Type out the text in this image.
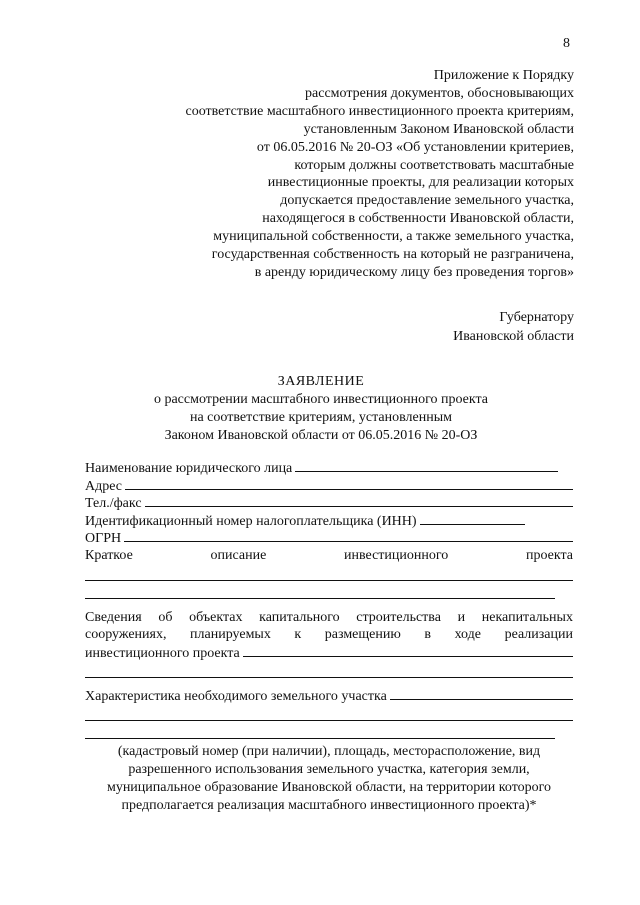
8
Приложение к Порядку
рассмотрения документов, обосновывающих
соответствие масштабного инвестиционного проекта критериям,
установленным Законом Ивановской области
от 06.05.2016 № 20-ОЗ «Об установлении критериев,
которым должны соответствовать масштабные
инвестиционные проекты, для реализации которых
допускается предоставление земельного участка,
находящегося в собственности Ивановской области,
муниципальной собственности, а также земельного участка,
государственная собственность на который не разграничена,
в аренду юридическому лицу без проведения торгов»
Губернатору
Ивановской области
ЗАЯВЛЕНИЕ
о рассмотрении масштабного инвестиционного проекта
на соответствие критериям, установленным
Законом Ивановской области от 06.05.2016 № 20-ОЗ
Наименование юридического лица
Адрес
Тел./факс
Идентификационный номер налогоплательщика (ИНН)
ОГРН
Краткое	описание	инвестиционного	проекта
Сведения об объектах капитального строительства и некапитальных
сооружениях, планируемых к размещению в ходе реализации
инвестиционного проекта
Характеристика необходимого земельного участка
(кадастровый номер (при наличии), площадь, месторасположение, вид
разрешенного использования земельного участка, категория земли,
муниципальное образование Ивановской области, на территории которого
предполагается реализация масштабного инвестиционного проекта)*
